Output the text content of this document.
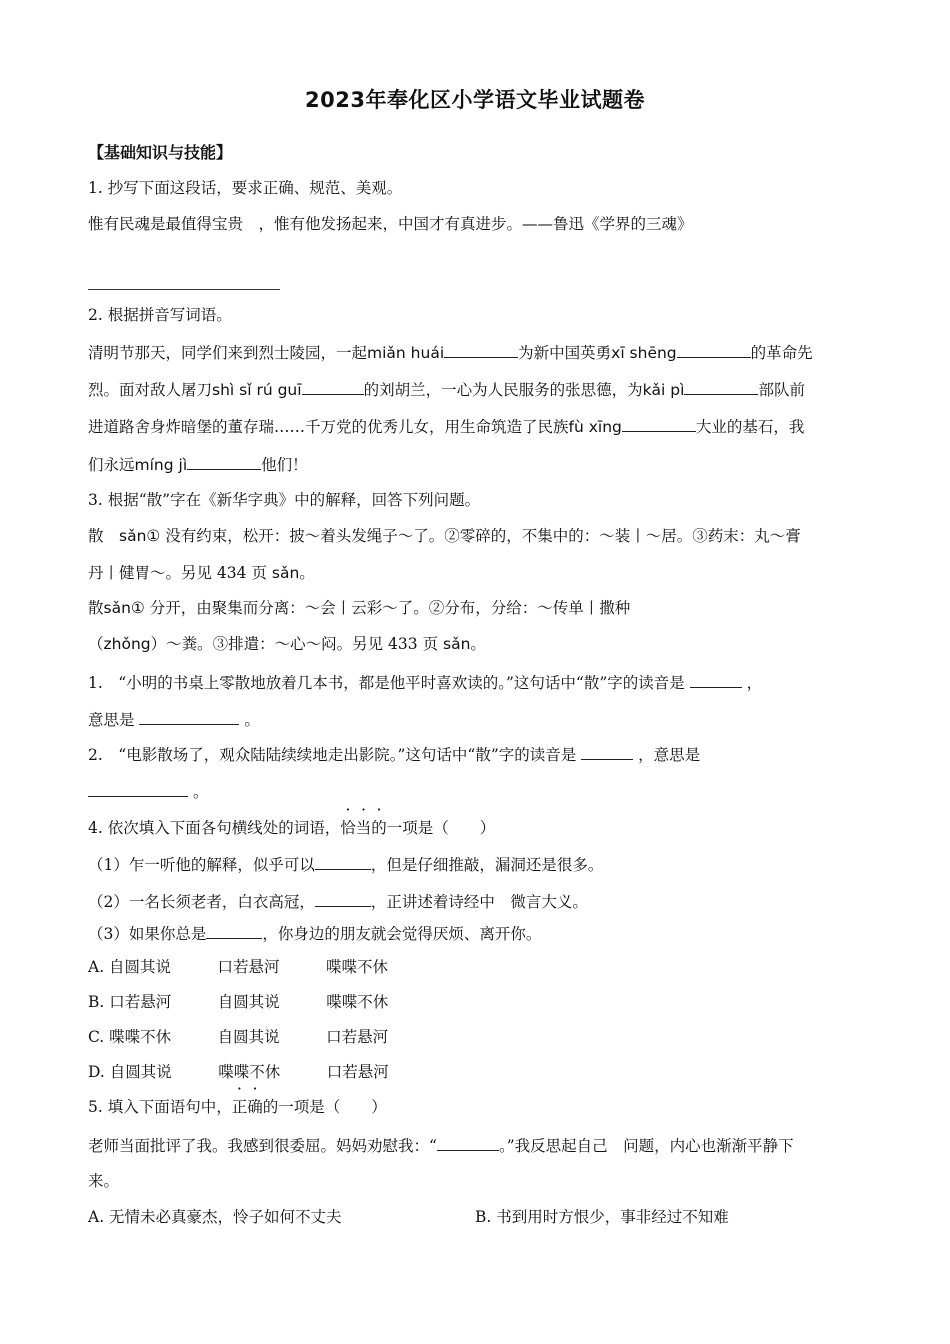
2023年奉化区小学语文毕业试题卷
【基础知识与技能】
1. 抄写下面这段话，要求正确、规范、美观。
惟有民魂是最值得宝贵　，惟有他发扬起来，中国才有真进步。——鲁迅《学界的三魂》
2. 根据拼音写词语。
清明节那天，同学们来到烈士陵园，一起miǎn huái	为新中国英勇xī shēng	的革命先
烈。面对敌人屠刀shì sǐ rú guī	的刘胡兰，一心为人民服务的张思德，为kǎi pì	部队前
进道路舍身炸暗堡的董存瑞……千万党的优秀儿女，用生命筑造了民族fù xīng	大业的基石，我
们永远míng jì	他们！
3. 根据“散”字在《新华字典》中的解释，回答下列问题。
散　sǎn① 没有约束，松开：披～着头发绳子～了。②零碎的，不集中的：～装丨～居。③药末：丸～膏
丹丨健胃～。另见 434 页 sǎn。
散sǎn① 分开，由聚集而分离：～会丨云彩～了。②分布，分给：～传单丨撒种
（zhǒng）～粪。③排遣：～心～闷。另见 433 页 sǎn。
1.　“小明的书桌上零散地放着几本书，都是他平时喜欢读的。”这句话中“散”字的读音是	，
意思是	。
2.　“电影散场了，观众陆陆续续地走出影院。”这句话中“散”字的读音是	，意思是
。
4. 依次填入下面各句横线处的词语，恰当的一项是（　　）
（1）乍一听他的解释，似乎可以	，但是仔细推敲，漏洞还是很多。
（2）一名长须老者，白衣高冠，	，正讲述着诗经中　微言大义。
（3）如果你总是	，你身边的朋友就会觉得厌烦、离开你。
A. 自圆其说　　　口若悬河　　　喋喋不休
B. 口若悬河　　　自圆其说　　　喋喋不休
C. 喋喋不休　　　自圆其说　　　口若悬河
D. 自圆其说　　　喋喋不休　　　口若悬河
5. 填入下面语句中，正确的一项是（　　）
老师当面批评了我。我感到很委屈。妈妈劝慰我：“	。”我反思起自己　问题，内心也渐渐平静下
来。
A. 无情未必真豪杰，怜子如何不丈夫	B. 书到用时方恨少，事非经过不知难
